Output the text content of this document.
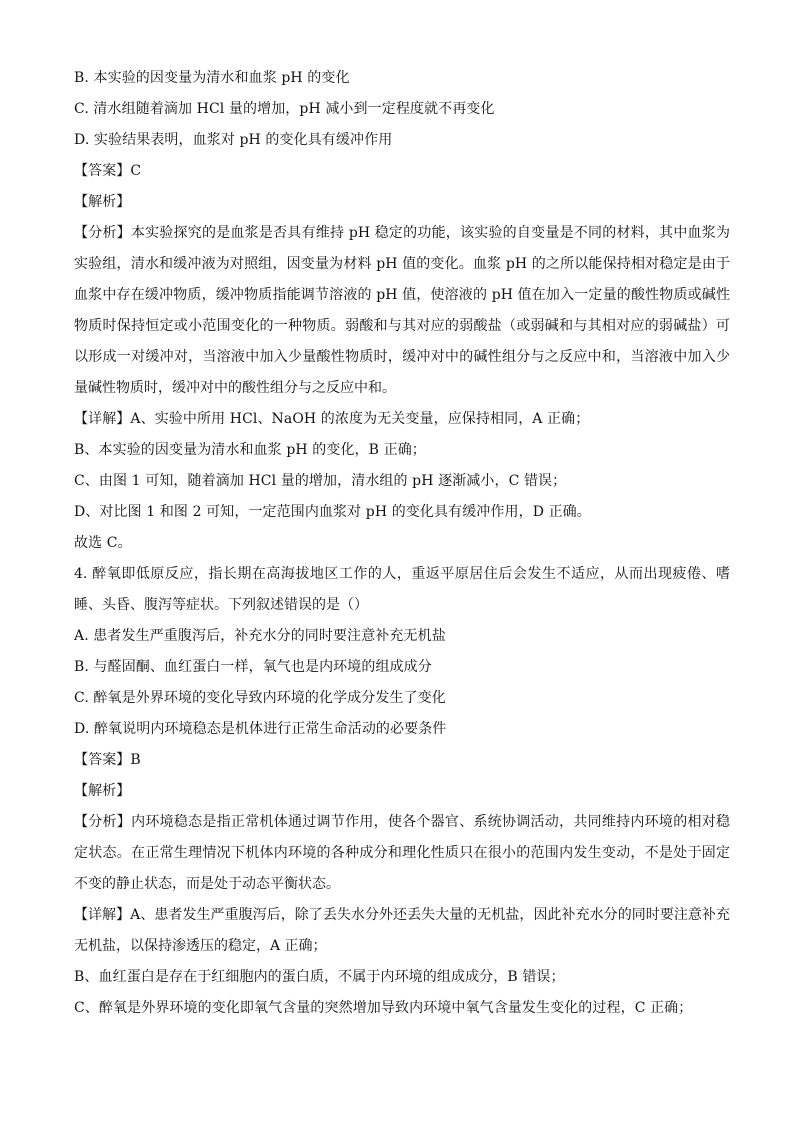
B. 本实验的因变量为清水和血浆 pH 的变化
C. 清水组随着滴加 HCl 量的增加，pH 减小到一定程度就不再变化
D. 实验结果表明，血浆对 pH 的变化具有缓冲作用
【答案】C
【解析】
【分析】本实验探究的是血浆是否具有维持 pH 稳定的功能，该实验的自变量是不同的材料，其中血浆为实验组，清水和缓冲液为对照组，因变量为材料 pH 值的变化。血浆 pH 的之所以能保持相对稳定是由于血浆中存在缓冲物质，缓冲物质指能调节溶液的 pH 值，使溶液的 pH 值在加入一定量的酸性物质或碱性物质时保持恒定或小范围变化的一种物质。弱酸和与其对应的弱酸盐（或弱碱和与其相对应的弱碱盐）可以形成一对缓冲对，当溶液中加入少量酸性物质时，缓冲对中的碱性组分与之反应中和，当溶液中加入少量碱性物质时，缓冲对中的酸性组分与之反应中和。
【详解】A、实验中所用 HCl、NaOH 的浓度为无关变量，应保持相同，A 正确；
B、本实验的因变量为清水和血浆 pH 的变化，B 正确；
C、由图 1 可知，随着滴加 HCl 量的增加，清水组的 pH 逐渐减小，C 错误；
D、对比图 1 和图 2 可知，一定范围内血浆对 pH 的变化具有缓冲作用，D 正确。
故选 C。
4. 醉氧即低原反应，指长期在高海拔地区工作的人，重返平原居住后会发生不适应，从而出现疲倦、嗜睡、头昏、腹泻等症状。下列叙述错误的是（）
A. 患者发生严重腹泻后，补充水分的同时要注意补充无机盐
B. 与醛固酮、血红蛋白一样，氧气也是内环境的组成成分
C. 醉氧是外界环境的变化导致内环境的化学成分发生了变化
D. 醉氧说明内环境稳态是机体进行正常生命活动的必要条件
【答案】B
【解析】
【分析】内环境稳态是指正常机体通过调节作用，使各个器官、系统协调活动，共同维持内环境的相对稳定状态。在正常生理情况下机体内环境的各种成分和理化性质只在很小的范围内发生变动，不是处于固定不变的静止状态，而是处于动态平衡状态。
【详解】A、患者发生严重腹泻后，除了丢失水分外还丢失大量的无机盐，因此补充水分的同时要注意补充无机盐，以保持渗透压的稳定，A 正确；
B、血红蛋白是存在于红细胞内的蛋白质，不属于内环境的组成成分，B 错误；
C、醉氧是外界环境的变化即氧气含量的突然增加导致内环境中氧气含量发生变化的过程，C 正确；
